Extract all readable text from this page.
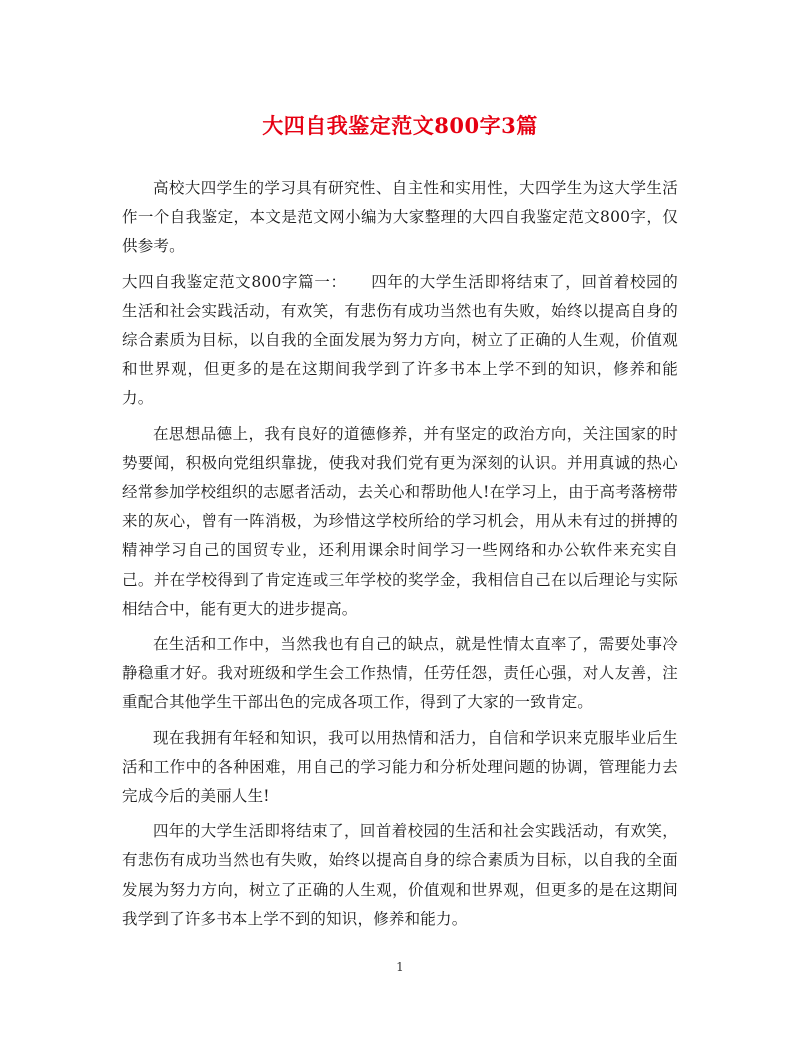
大四自我鉴定范文800字3篇

高校大四学生的学习具有研究性、自主性和实用性，大四学生为这大学生活作一个自我鉴定，本文是范文网小编为大家整理的大四自我鉴定范文800字，仅供参考。

大四自我鉴定范文800字篇一：　　四年的大学生活即将结束了，回首着校园的生活和社会实践活动，有欢笑，有悲伤有成功当然也有失败，始终以提高自身的综合素质为目标，以自我的全面发展为努力方向，树立了正确的人生观，价值观和世界观，但更多的是在这期间我学到了许多书本上学不到的知识，修养和能力。

在思想品德上，我有良好的道德修养，并有坚定的政治方向，关注国家的时势要闻，积极向党组织靠拢，使我对我们党有更为深刻的认识。并用真诚的热心经常参加学校组织的志愿者活动，去关心和帮助他人!在学习上，由于高考落榜带来的灰心，曾有一阵消极，为珍惜这学校所给的学习机会，用从未有过的拼搏的精神学习自己的国贸专业，还利用课余时间学习一些网络和办公软件来充实自己。并在学校得到了肯定连或三年学校的奖学金，我相信自己在以后理论与实际相结合中，能有更大的进步提高。

在生活和工作中，当然我也有自己的缺点，就是性情太直率了，需要处事冷静稳重才好。我对班级和学生会工作热情，任劳任怨，责任心强，对人友善，注重配合其他学生干部出色的完成各项工作，得到了大家的一致肯定。

现在我拥有年轻和知识，我可以用热情和活力，自信和学识来克服毕业后生活和工作中的各种困难，用自己的学习能力和分析处理问题的协调，管理能力去完成今后的美丽人生!

四年的大学生活即将结束了，回首着校园的生活和社会实践活动，有欢笑，有悲伤有成功当然也有失败，始终以提高自身的综合素质为目标，以自我的全面发展为努力方向，树立了正确的人生观，价值观和世界观，但更多的是在这期间我学到了许多书本上学不到的知识，修养和能力。

1
